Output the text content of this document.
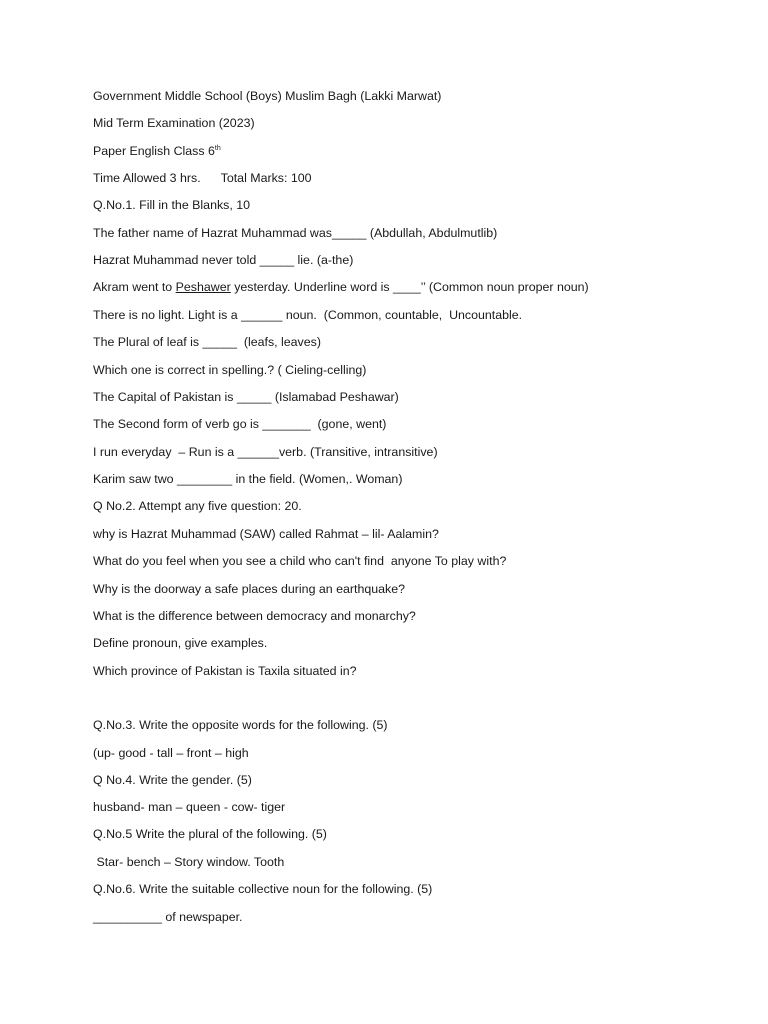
Government Middle School (Boys) Muslim Bagh (Lakki Marwat)
Mid Term Examination (2023)
Paper English Class 6th
Time Allowed 3 hrs. Total Marks: 100
Q.No.1. Fill in the Blanks, 10
The father name of Hazrat Muhammad was_____ (Abdullah, Abdulmutlib)
Hazrat Muhammad never told _____ lie. (a-the)
Akram went to Peshawer yesterday. Underline word is ____’’ (Common noun proper noun)
There is no light. Light is a ______ noun.  (Common, countable,  Uncountable.
The Plural of leaf is _____  (leafs, leaves)
Which one is correct in spelling.? ( Cieling-celling)
The Capital of Pakistan is _____ (Islamabad Peshawar)
The Second form of verb go is _______  (gone, went)
I run everyday  – Run is a ______verb. (Transitive, intransitive)
Karim saw two ________ in the field. (Women,. Woman)
Q No.2. Attempt any five question: 20.
why is Hazrat Muhammad (SAW) called Rahmat – lil- Aalamin?
What do you feel when you see a child who can't find  anyone To play with?
Why is the doorway a safe places during an earthquake?
What is the difference between democracy and monarchy?
Define pronoun, give examples.
Which province of Pakistan is Taxila situated in?
Q.No.3. Write the opposite words for the following. (5)
(up- good - tall – front – high
Q No.4. Write the gender. (5)
husband- man – queen - cow- tiger
Q.No.5 Write the plural of the following. (5)
Star- bench – Story window. Tooth
Q.No.6. Write the suitable collective noun for the following. (5)
__________ of newspaper.
